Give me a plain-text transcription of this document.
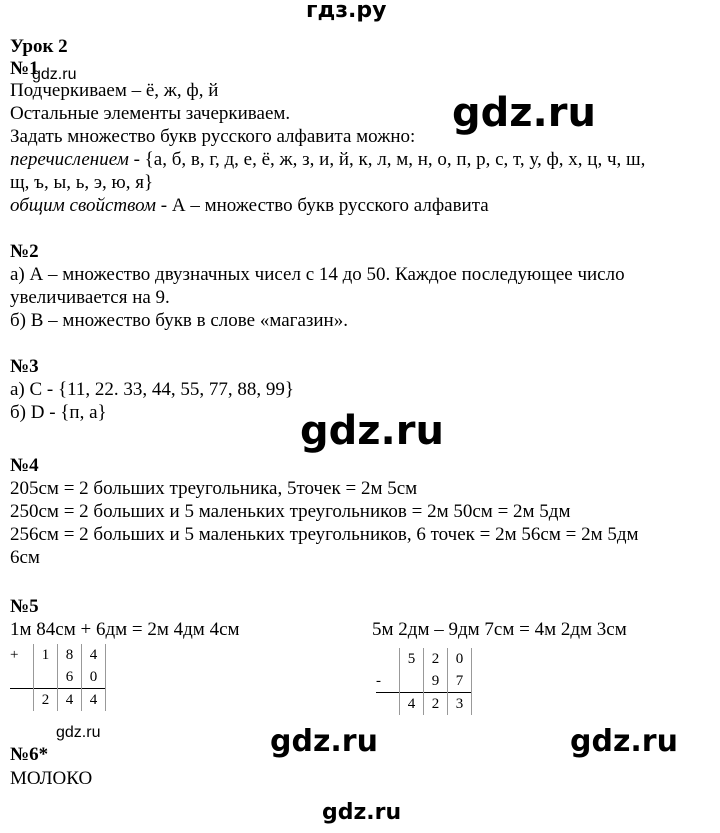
гдз.ру
Урок 2
№1
gdz.ru
Подчеркиваем – ё, ж, ф, й
Остальные элементы зачеркиваем.
Задать множество букв русского алфавита можно:
gdz.ru
перечислением - {а, б, в, г, д, е, ё, ж, з, и, й, к, л, м, н, о, п, р, с, т, у, ф, х, ц, ч, ш,
щ, ъ, ы, ь, э, ю, я}
общим свойством - А – множество букв русского алфавита
№2
а) А – множество двузначных чисел с 14 до 50. Каждое последующее число
увеличивается на 9.
б) В – множество букв в слове «магазин».
№3
а) С - {11, 22. 33, 44, 55, 77, 88, 99}
б) D - {п, а}	gdz.ru
№4
205см = 2 больших треугольника, 5точек = 2м 5см
250см = 2 больших и 5 маленьких треугольников = 2м 50см = 2м 5дм
256см = 2 больших и 5 маленьких треугольников, 6 точек = 2м 56см = 2м 5дм
6см
№5
1м 84см + 6дм = 2м 4дм 4см	5м 2дм – 9дм 7см = 4м 2дм 3см
+	1	8	4
		6	0
	2	4	4
	5	2	0
-		9	7
	4	2	3
gdz.ru
№6*
МОЛОКО
gdz.ru	gdz.ru
gdz.ru
